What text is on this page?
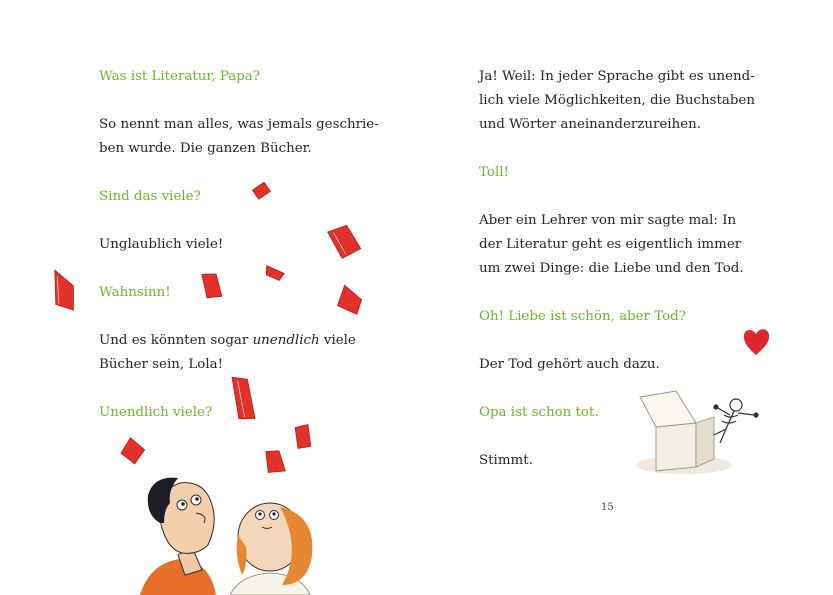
Was ist Literatur, Papa?

So nennt man alles, was jemals geschrie-

ben wurde. Die ganzen Bücher.

Sind das viele?

Unglaublich viele!

Wahnsinn!

Und es könnten sogar unendlich viele

Bücher sein, Lola!

Unendlich viele?

Ja! Weil: In jeder Sprache gibt es unend-

lich viele Möglichkeiten, die Buchstaben

und Wörter aneinanderzureihen.

Toll!

Aber ein Lehrer von mir sagte mal: In

der Literatur geht es eigentlich immer

um zwei Dinge: die Liebe und den Tod.

Oh! Liebe ist schön, aber Tod?

Der Tod gehört auch dazu.

Opa ist schon tot.

Stimmt.

15
